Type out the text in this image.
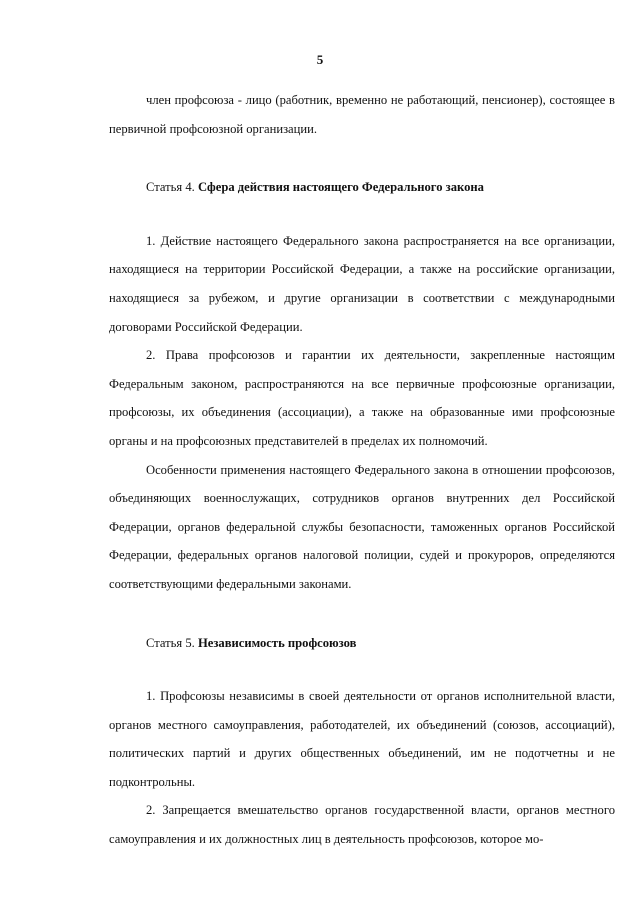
5

член профсоюза - лицо (работник, временно не работающий, пенсионер), состоящее в первичной профсоюзной организации.

Статья 4. Сфера действия настоящего Федерального закона

1. Действие настоящего Федерального закона распространяется на все организации, находящиеся на территории Российской Федерации, а также на российские организации, находящиеся за рубежом, и другие организации в соответствии с международными договорами Российской Федерации.

2. Права профсоюзов и гарантии их деятельности, закрепленные настоящим Федеральным законом, распространяются на все первичные профсоюзные организации, профсоюзы, их объединения (ассоциации), а также на образованные ими профсоюзные органы и на профсоюзных представителей в пределах их полномочий.

Особенности применения настоящего Федерального закона в отношении профсоюзов, объединяющих военнослужащих, сотрудников органов внутренних дел Российской Федерации, органов федеральной службы безопасности, таможенных органов Российской Федерации, федеральных органов налоговой полиции, судей и прокуроров, определяются соответствующими федеральными законами.

Статья 5. Независимость профсоюзов

1. Профсоюзы независимы в своей деятельности от органов исполнительной власти, органов местного самоуправления, работодателей, их объединений (союзов, ассоциаций), политических партий и других общественных объединений, им не подотчетны и не подконтрольны.

2. Запрещается вмешательство органов государственной власти, органов местного самоуправления и их должностных лиц в деятельность профсоюзов, которое мо-
